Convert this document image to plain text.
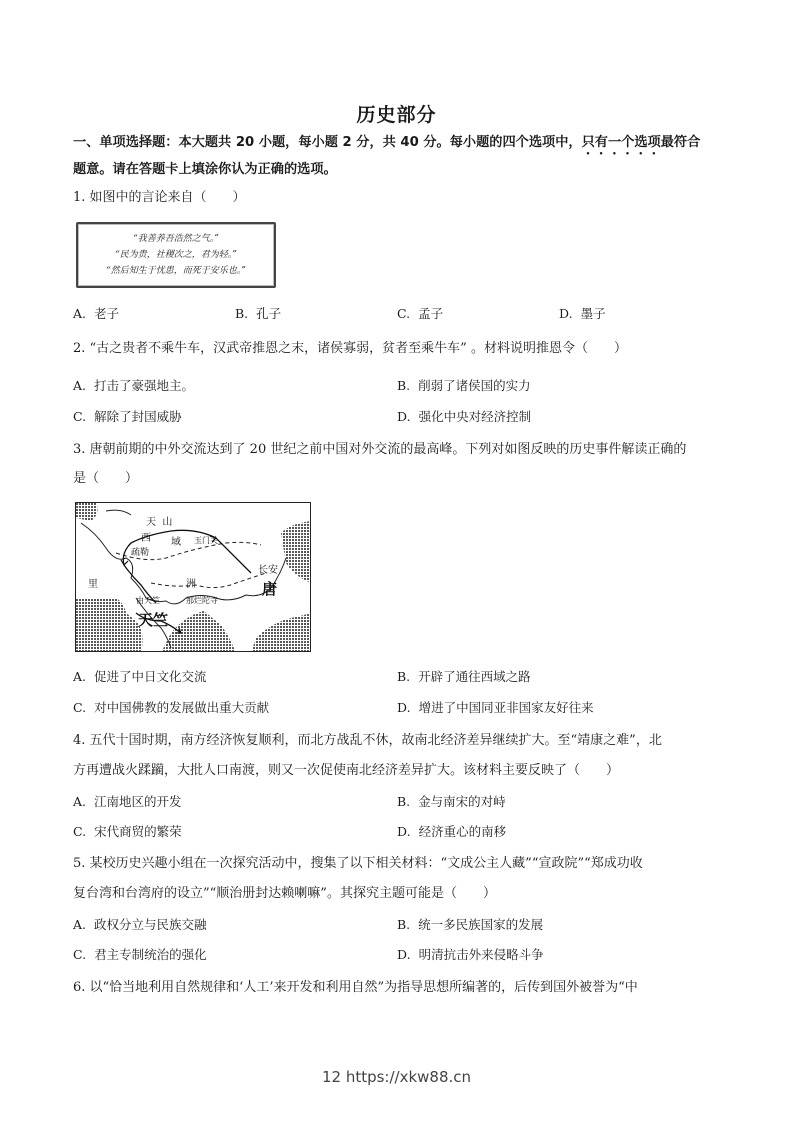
历史部分
一、单项选择题：本大题共 20 小题，每小题 2 分，共 40 分。每小题的四个选项中，只有一个选项最符合
题意。请在答题卡上填涂你认为正确的选项。
1. 如图中的言论来自（　　）
“我善养吾浩然之气。”
“民为贵，社稷次之，君为轻。”
“然后知生于忧患，而死于安乐也。”
A. 老子	B. 孔子	C. 孟子	D. 墨子
2. “古之贵者不乘牛车，汉武帝推恩之末，诸侯寡弱，贫者至乘牛车” 。材料说明推恩令（　　）
A. 打击了豪强地主。	B. 削弱了诸侯国的实力
C. 解除了封国威胁	D. 强化中央对经济控制
3. 唐朝前期的中外交流达到了 20 世纪之前中国对外交流的最高峰。下列对如图反映的历史事件解读正确的
是（　　）
天 山
西 域 玉门关
疏勒
长安
唐
里	洲
由天竺	那烂陀寺
天竺
A. 促进了中日文化交流	B. 开辟了通往西域之路
C. 对中国佛教的发展做出重大贡献	D. 增进了中国同亚非国家友好往来
4. 五代十国时期，南方经济恢复顺利，而北方战乱不休，故南北经济差异继续扩大。至“靖康之难”，北
方再遭战火蹂躏，大批人口南渡，则又一次促使南北经济差异扩大。该材料主要反映了（　　）
A. 江南地区的开发	B. 金与南宋的对峙
C. 宋代商贸的繁荣	D. 经济重心的南移
5. 某校历史兴趣小组在一次探究活动中，搜集了以下相关材料：“文成公主人藏”“宣政院”“郑成功收
复台湾和台湾府的设立”“顺治册封达赖喇嘛”。其探究主题可能是（　　）
A. 政权分立与民族交融	B. 统一多民族国家的发展
C. 君主专制统治的强化	D. 明清抗击外来侵略斗争
6. 以“恰当地利用自然规律和‘人工’来开发和利用自然”为指导思想所编著的，后传到国外被誉为“中
12 https://xkw88.cn
